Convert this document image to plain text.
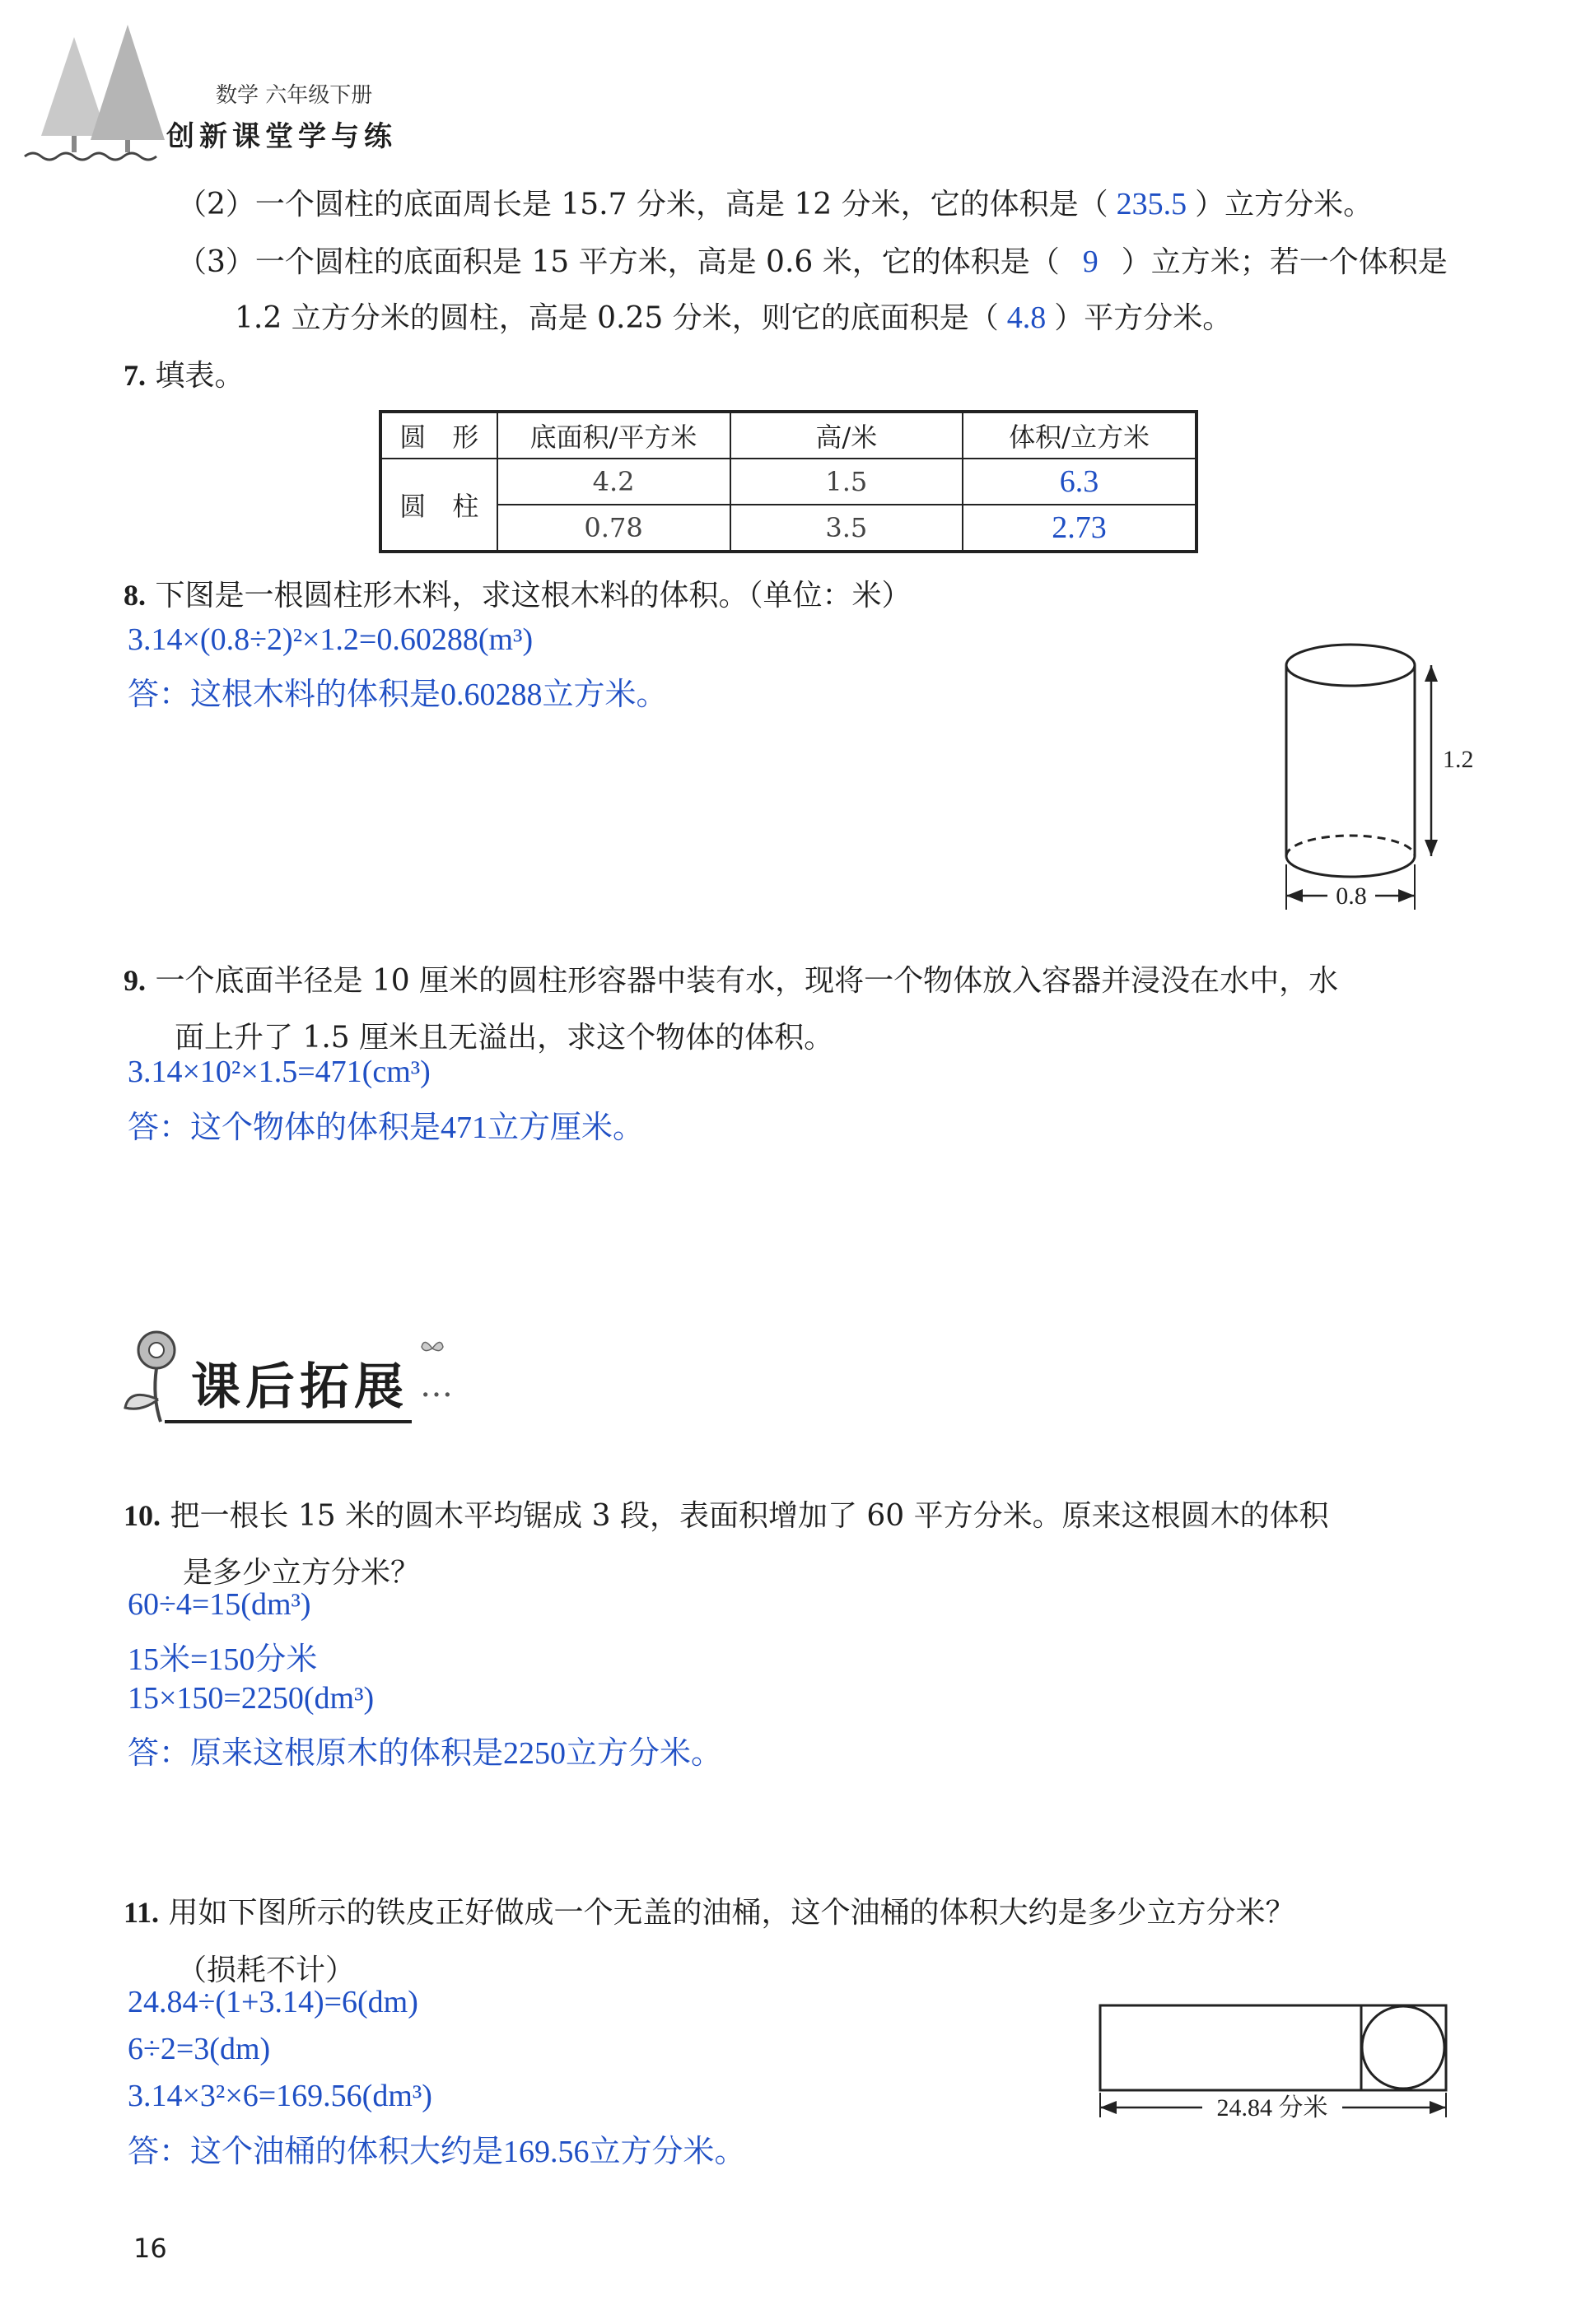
数学 六年级下册
创新课堂学与练
（2）一个圆柱的底面周长是 15.7 分米，高是 12 分米，它的体积是（ 235.5 ）立方分米。
（3）一个圆柱的底面积是 15 平方米，高是 0.6 米，它的体积是（ 9 ）立方米；若一个体积是
1.2 立方分米的圆柱，高是 0.25 分米，则它的底面积是（ 4.8 ）平方分米。
7. 填表。
圆　形	底面积/平方米	高/米	体积/立方米
圆　柱	4.2	1.5	6.3
	0.78	3.5	2.73
8. 下图是一根圆柱形木料，求这根木料的体积。（单位：米）
3.14×(0.8÷2)²×1.2=0.60288(m³)
答：这根木料的体积是0.60288立方米。
1.2
0.8
9. 一个底面半径是 10 厘米的圆柱形容器中装有水，现将一个物体放入容器并浸没在水中，水
面上升了 1.5 厘米且无溢出，求这个物体的体积。
3.14×10²×1.5=471(cm³)
答：这个物体的体积是471立方厘米。
课后拓展 …
10. 把一根长 15 米的圆木平均锯成 3 段，表面积增加了 60 平方分米。原来这根圆木的体积
是多少立方分米？
60÷4=15(dm³)
15米=150分米
15×150=2250(dm³)
答：原来这根原木的体积是2250立方分米。
11. 用如下图所示的铁皮正好做成一个无盖的油桶，这个油桶的体积大约是多少立方分米？
（损耗不计）
24.84÷(1+3.14)=6(dm)
6÷2=3(dm)
3.14×3²×6=169.56(dm³)
答：这个油桶的体积大约是169.56立方分米。
24.84 分米
16
